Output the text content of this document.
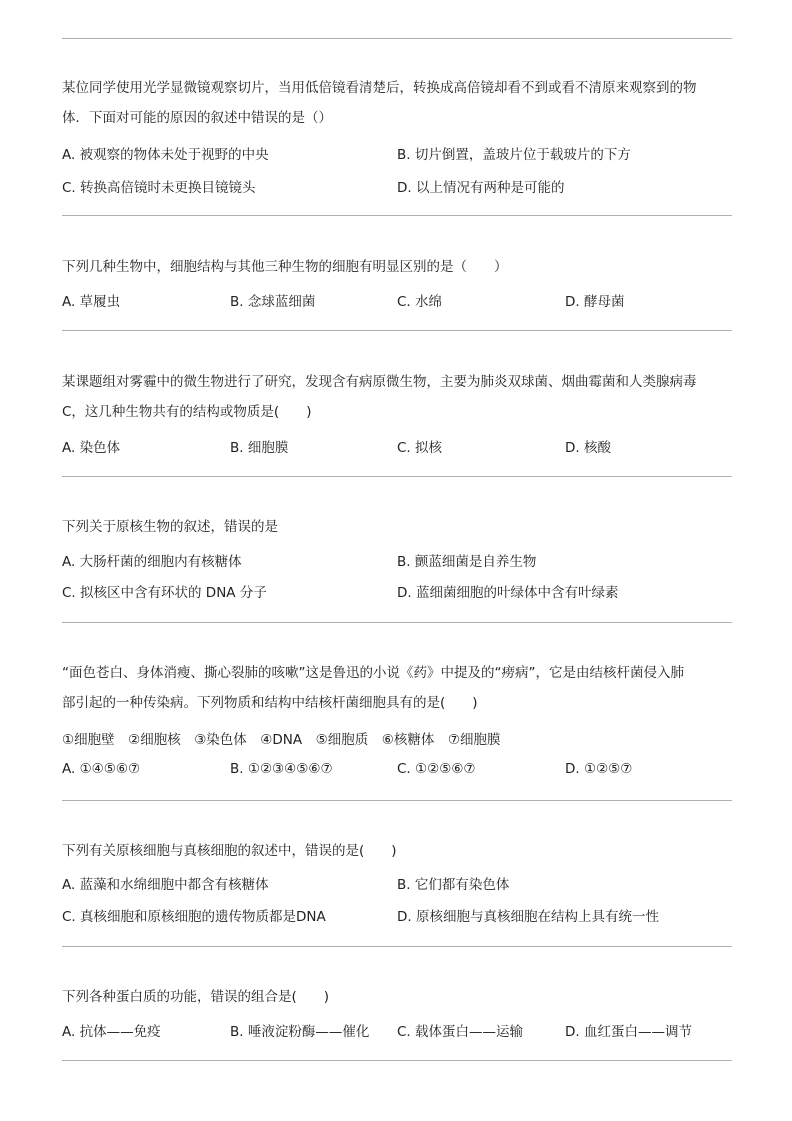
某位同学使用光学显微镜观察切片，当用低倍镜看清楚后，转换成高倍镜却看不到或看不清原来观察到的物
体．下面对可能的原因的叙述中错误的是（）
A. 被观察的物体未处于视野的中央	B. 切片倒置，盖玻片位于载玻片的下方
C. 转换高倍镜时未更换目镜镜头	D. 以上情况有两种是可能的
下列几种生物中，细胞结构与其他三种生物的细胞有明显区别的是（　　）
A. 草履虫	B. 念球蓝细菌	C. 水绵	D. 酵母菌
某课题组对雾霾中的微生物进行了研究，发现含有病原微生物，主要为肺炎双球菌、烟曲霉菌和人类腺病毒
C，这几种生物共有的结构或物质是(　　)
A. 染色体	B. 细胞膜	C. 拟核	D. 核酸
下列关于原核生物的叙述，错误的是
A. 大肠杆菌的细胞内有核糖体	B. 颤蓝细菌是自养生物
C. 拟核区中含有环状的 DNA 分子	D. 蓝细菌细胞的叶绿体中含有叶绿素
“面色苍白、身体消瘦、撕心裂肺的咳嗽”这是鲁迅的小说《药》中提及的“痨病”，它是由结核杆菌侵入肺
部引起的一种传染病。下列物质和结构中结核杆菌细胞具有的是(　　)
①细胞壁　②细胞核　③染色体　④DNA　⑤细胞质　⑥核糖体　⑦细胞膜
A. ①④⑤⑥⑦	B. ①②③④⑤⑥⑦	C. ①②⑤⑥⑦	D. ①②⑤⑦
下列有关原核细胞与真核细胞的叙述中，错误的是(　　)
A. 蓝藻和水绵细胞中都含有核糖体	B. 它们都有染色体
C. 真核细胞和原核细胞的遗传物质都是DNA	D. 原核细胞与真核细胞在结构上具有统一性
下列各种蛋白质的功能，错误的组合是(　　)
A. 抗体——免疫	B. 唾液淀粉酶——催化 C. 载体蛋白——运输	D. 血红蛋白——调节
